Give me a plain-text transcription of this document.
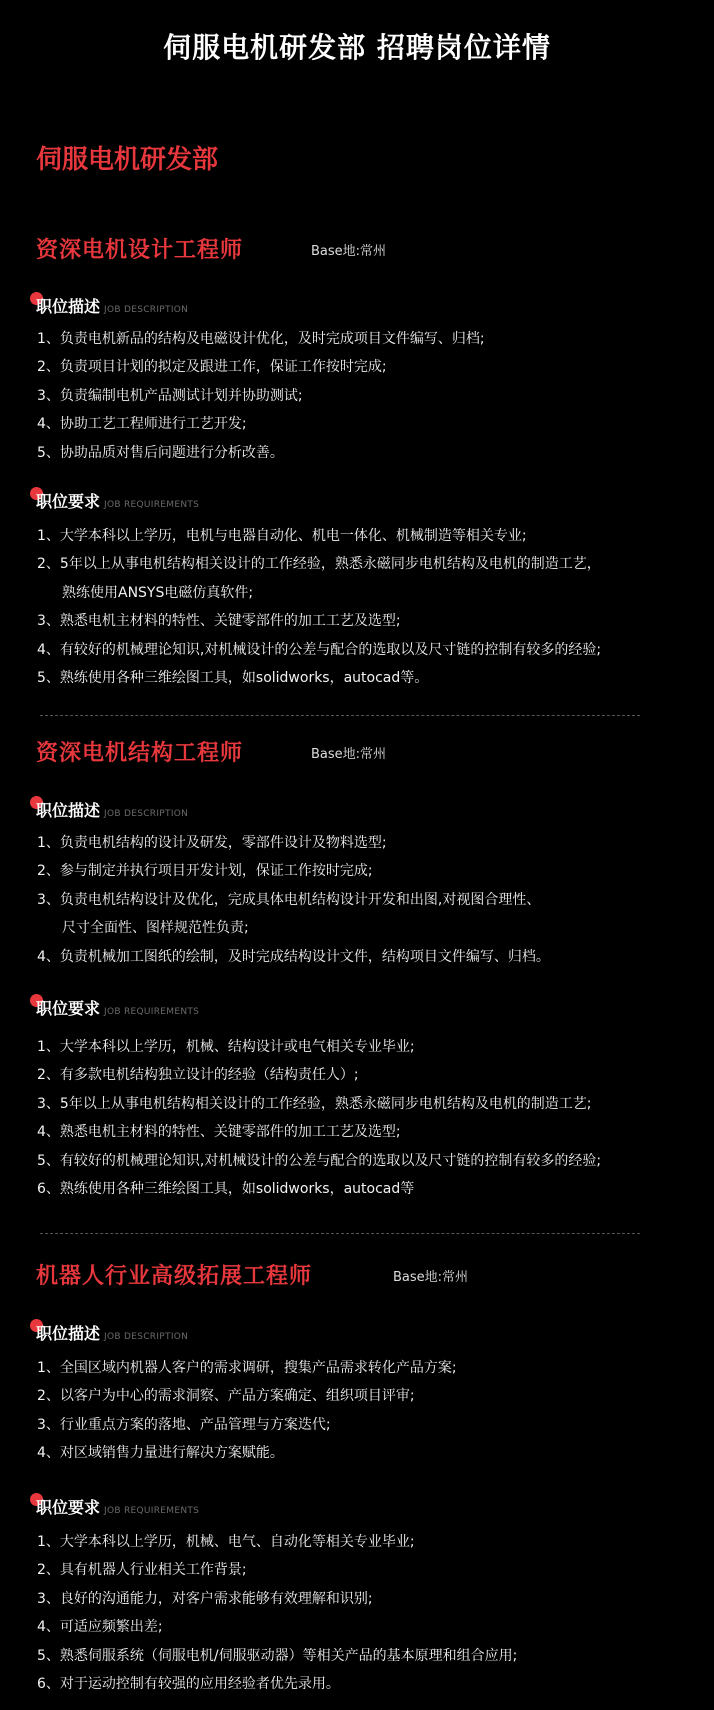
伺服电机研发部 招聘岗位详情
伺服电机研发部
资深电机设计工程师	Base地:常州
职位描述 JOB DESCRIPTION
1、负责电机新品的结构及电磁设计优化，及时完成项目文件编写、归档;
2、负责项目计划的拟定及跟进工作，保证工作按时完成;
3、负责编制电机产品测试计划并协助测试;
4、协助工艺工程师进行工艺开发;
5、协助品质对售后问题进行分析改善。
职位要求 JOB REQUIREMENTS
1、大学本科以上学历，电机与电器自动化、机电一体化、机械制造等相关专业;
2、5年以上从事电机结构相关设计的工作经验，熟悉永磁同步电机结构及电机的制造工艺，
熟练使用ANSYS电磁仿真软件;
3、熟悉电机主材料的特性、关键零部件的加工工艺及选型;
4、有较好的机械理论知识,对机械设计的公差与配合的选取以及尺寸链的控制有较多的经验;
5、熟练使用各种三维绘图工具，如solidworks，autocad等。
资深电机结构工程师	Base地:常州
职位描述 JOB DESCRIPTION
1、负责电机结构的设计及研发，零部件设计及物料选型;
2、参与制定并执行项目开发计划，保证工作按时完成;
3、负责电机结构设计及优化，完成具体电机结构设计开发和出图,对视图合理性、
尺寸全面性、图样规范性负责;
4、负责机械加工图纸的绘制，及时完成结构设计文件，结构项目文件编写、归档。
职位要求 JOB REQUIREMENTS
1、大学本科以上学历，机械、结构设计或电气相关专业毕业;
2、有多款电机结构独立设计的经验（结构责任人）;
3、5年以上从事电机结构相关设计的工作经验，熟悉永磁同步电机结构及电机的制造工艺;
4、熟悉电机主材料的特性、关键零部件的加工工艺及选型;
5、有较好的机械理论知识,对机械设计的公差与配合的选取以及尺寸链的控制有较多的经验;
6、熟练使用各种三维绘图工具，如solidworks，autocad等
机器人行业高级拓展工程师	Base地:常州
职位描述 JOB DESCRIPTION
1、全国区域内机器人客户的需求调研，搜集产品需求转化产品方案;
2、以客户为中心的需求洞察、产品方案确定、组织项目评审;
3、行业重点方案的落地、产品管理与方案迭代;
4、对区域销售力量进行解决方案赋能。
职位要求 JOB REQUIREMENTS
1、大学本科以上学历，机械、电气、自动化等相关专业毕业;
2、具有机器人行业相关工作背景;
3、良好的沟通能力，对客户需求能够有效理解和识别;
4、可适应频繁出差;
5、熟悉伺服系统（伺服电机/伺服驱动器）等相关产品的基本原理和组合应用;
6、对于运动控制有较强的应用经验者优先录用。
